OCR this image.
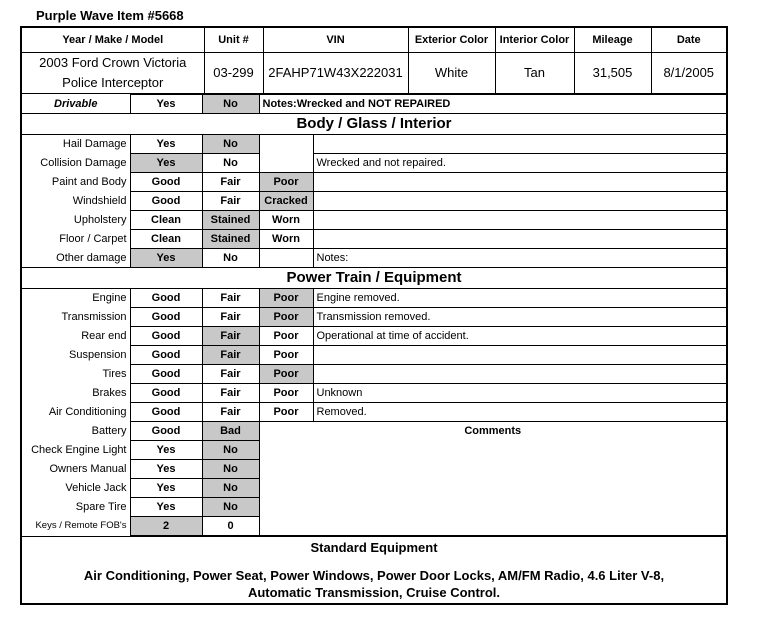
Purple Wave Item #5668
Year / Make / Model	Unit #	VIN	Exterior Color	Interior Color	Mileage	Date
2003 Ford Crown Victoria
Police Interceptor	03-299	2FAHP71W43X222031	White	Tan	31,505	8/1/2005
Drivable	Yes	No	Notes:Wrecked and NOT REPAIRED	
Body / Glass / Interior				
Hail Damage	Yes	No		
Collision Damage	Yes	No		Wrecked and not repaired.
Paint and Body	Good	Fair	Poor	
Windshield	Good	Fair	Cracked	
Upholstery	Clean	Stained	Worn	
Floor / Carpet	Clean	Stained	Worn	
Other damage	Yes	No		Notes:
Power Train / Equipment				
Engine	Good	Fair	Poor	Engine removed.
Transmission	Good	Fair	Poor	Transmission removed.
Rear end	Good	Fair	Poor	Operational at time of accident.
Suspension	Good	Fair	Poor	
Tires	Good	Fair	Poor	
Brakes	Good	Fair	Poor	Unknown
Air Conditioning	Good	Fair	Poor	Removed.
Battery	Good	Bad	Comments	
Check Engine Light	Yes	No		
Owners Manual	Yes	No		
Vehicle Jack	Yes	No		
Spare Tire	Yes	No		
Keys / Remote FOB's	2	0		
Standard Equipment
Air Conditioning, Power Seat, Power Windows, Power Door Locks, AM/FM Radio, 4.6 Liter V-8,
Automatic Transmission, Cruise Control.
